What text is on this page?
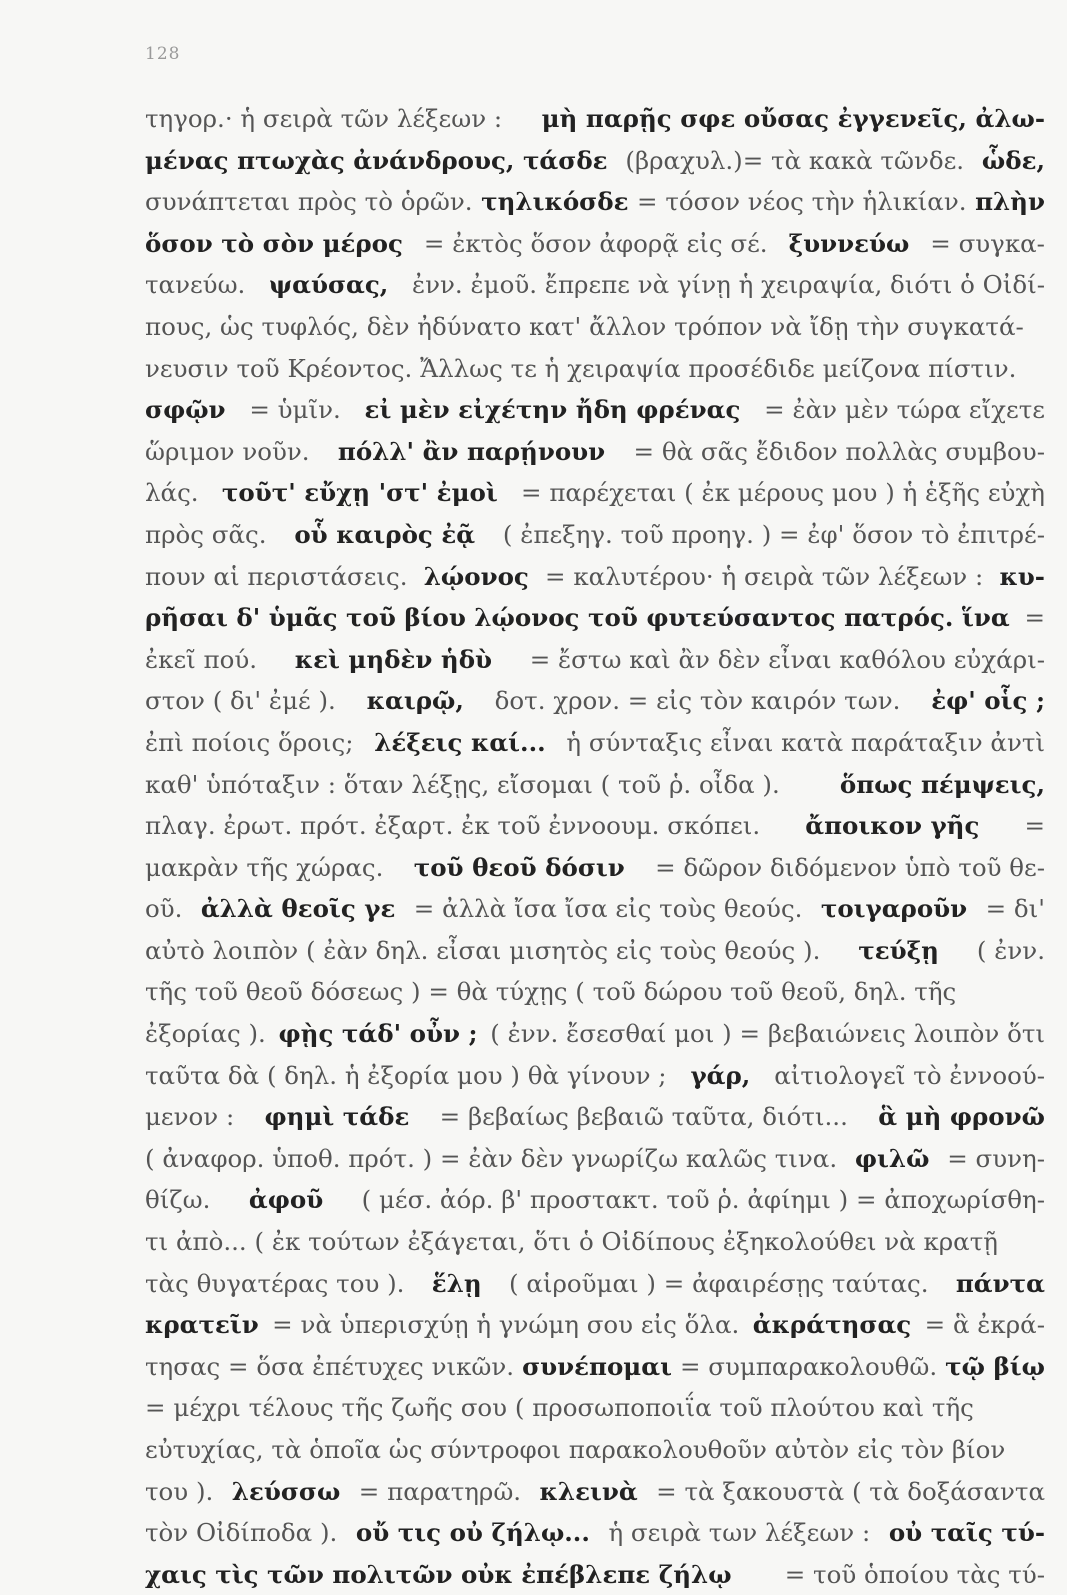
128
τηγορ.· ἡ σειρὰ τῶν λέξεων : μὴ παρῇς σφε οὔσας ἐγγενεῖς, ἀλω-
μένας πτωχὰς ἀνάνδρους, τάσδε (βραχυλ.)= τὰ κακὰ τῶνδε. ὧδε,
συνάπτεται πρὸς τὸ ὁρῶν. τηλικόσδε = τόσον νέος τὴν ἡλικίαν. πλὴν
ὅσον τὸ σὸν μέρος = ἐκτὸς ὅσον ἀφορᾷ εἰς σέ. ξυννεύω = συγκα-
τανεύω. ψαύσας, ἐνν. ἐμοῦ. ἔπρεπε νὰ γίνῃ ἡ χειραψία, διότι ὁ Οἰδί-
πους, ὡς τυφλός, δὲν ἠδύνατο κατ' ἄλλον τρόπον νὰ ἴδῃ τὴν συγκατά-
νευσιν τοῦ Κρέοντος. Ἄλλως τε ἡ χειραψία προσέδιδε μείζονα πίστιν.
σφῷν = ὑμῖν. εἰ μὲν εἰχέτην ἤδη φρένας = ἐὰν μὲν τώρα εἴχετε
ὥριμον νοῦν. πόλλ' ἂν παρῄνουν = θὰ σᾶς ἔδιδον πολλὰς συμβου-
λάς. τοῦτ' εὔχῃ 'στ' ἐμοὶ = παρέχεται ( ἐκ μέρους μου ) ἡ ἑξῆς εὐχὴ
πρὸς σᾶς. οὗ καιρὸς ἐᾷ ( ἐπεξηγ. τοῦ προηγ. ) = ἐφ' ὅσον τὸ ἐπιτρέ-
πουν αἱ περιστάσεις. λῴονος = καλυτέρου· ἡ σειρὰ τῶν λέξεων : κυ-
ρῆσαι δ' ὑμᾶς τοῦ βίου λῴονος τοῦ φυτεύσαντος πατρός. ἵνα =
ἐκεῖ πού. κεὶ μηδὲν ἡδὺ = ἔστω καὶ ἂν δὲν εἶναι καθόλου εὐχάρι-
στον ( δι' ἐμέ ). καιρῷ, δοτ. χρον. = εἰς τὸν καιρόν των. ἐφ' οἷς ;
ἐπὶ ποίοις ὅροις; λέξεις καί... ἡ σύνταξις εἶναι κατὰ παράταξιν ἀντὶ
καθ' ὑπόταξιν : ὅταν λέξῃς, εἴσομαι ( τοῦ ῥ. οἶδα ). ὅπως πέμψεις,
πλαγ. ἐρωτ. πρότ. ἐξαρτ. ἐκ τοῦ ἐννοουμ. σκόπει. ἄποικον γῆς =
μακρὰν τῆς χώρας. τοῦ θεοῦ δόσιν = δῶρον διδόμενον ὑπὸ τοῦ θε-
οῦ. ἀλλὰ θεοῖς γε = ἀλλὰ ἴσα ἴσα εἰς τοὺς θεούς. τοιγαροῦν = δι'
αὐτὸ λοιπὸν ( ἐὰν δηλ. εἶσαι μισητὸς εἰς τοὺς θεούς ). τεύξῃ ( ἐνν.
τῆς τοῦ θεοῦ δόσεως ) = θὰ τύχῃς ( τοῦ δώρου τοῦ θεοῦ, δηλ. τῆς
ἐξορίας ). φῂς τάδ' οὖν ; ( ἐνν. ἔσεσθαί μοι ) = βεβαιώνεις λοιπὸν ὅτι
ταῦτα δὰ ( δηλ. ἡ ἐξορία μου ) θὰ γίνουν ; γάρ, αἰτιολογεῖ τὸ ἐννοού-
μενον : φημὶ τάδε = βεβαίως βεβαιῶ ταῦτα, διότι... ἃ μὴ φρονῶ
( ἀναφορ. ὑποθ. πρότ. ) = ἐὰν δὲν γνωρίζω καλῶς τινα. φιλῶ = συνη-
θίζω. ἀφοῦ ( μέσ. ἀόρ. β' προστακτ. τοῦ ῥ. ἀφίημι ) = ἀποχωρίσθη-
τι ἀπὸ... ( ἐκ τούτων ἐξάγεται, ὅτι ὁ Οἰδίπους ἐξηκολούθει νὰ κρατῇ
τὰς θυγατέρας του ). ἕλῃ ( αἱροῦμαι ) = ἀφαιρέσῃς ταύτας. πάντα
κρατεῖν = νὰ ὑπερισχύῃ ἡ γνώμη σου εἰς ὅλα. ἀκράτησας = ἃ ἐκρά-
τησας = ὅσα ἐπέτυχες νικῶν. συνέπομαι = συμπαρακολουθῶ. τῷ βίῳ
= μέχρι τέλους τῆς ζωῆς σου ( προσωποποιΐα τοῦ πλούτου καὶ τῆς
εὐτυχίας, τὰ ὁποῖα ὡς σύντροφοι παρακολουθοῦν αὐτὸν εἰς τὸν βίον
του ). λεύσσω = παρατηρῶ. κλεινὰ = τὰ ξακουστὰ ( τὰ δοξάσαντα
τὸν Οἰδίποδα ). οὔ τις οὐ ζήλῳ... ἡ σειρὰ των λέξεων : οὐ ταῖς τύ-
χαις τὶς τῶν πολιτῶν οὐκ ἐπέβλεπε ζήλῳ = τοῦ ὁποίου τὰς τύ-
